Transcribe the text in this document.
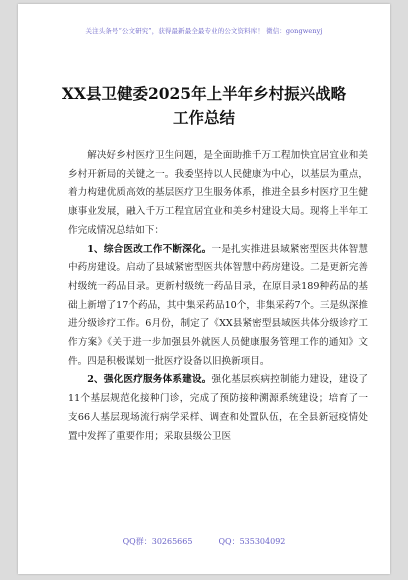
关注头条号“公文研究”，获得最新最全最专业的公文资料库！ 微信：gongwenyj
XX县卫健委2025年上半年乡村振兴战略
工作总结

解决好乡村医疗卫生问题，是全面助推千万工程加快宜居宜业和美乡村开新局的关键之一。我委坚持以人民健康为中心，以基层为重点，着力构建优质高效的基层医疗卫生服务体系，推进全县乡村医疗卫生健康事业发展，融入千万工程宜居宜业和美乡村建设大局。现将上半年工作完成情况总结如下：

1、综合医改工作不断深化。一是扎实推进县域紧密型医共体智慧中药房建设。启动了县域紧密型医共体智慧中药房建设。二是更新完善村级统一药品目录。更新村级统一药品目录，在原目录189种药品的基础上新增了17个药品，其中集采药品10个，非集采药7个。三是纵深推进分级诊疗工作。6月份，制定了《XX县紧密型县域医共体分级诊疗工作方案》《关于进一步加强县外就医人员健康服务管理工作的通知》文件。四是积极谋划一批医疗设备以旧换新项目。

2、强化医疗服务体系建设。强化基层疾病控制能力建设，建设了11个基层规范化接种门诊，完成了预防接种溯源系统建设；培育了一支66人基层现场流行病学采样、调查和处置队伍，在全县新冠疫情处置中发挥了重要作用；采取县级公卫医

QQ群：30265665	QQ：535304092
